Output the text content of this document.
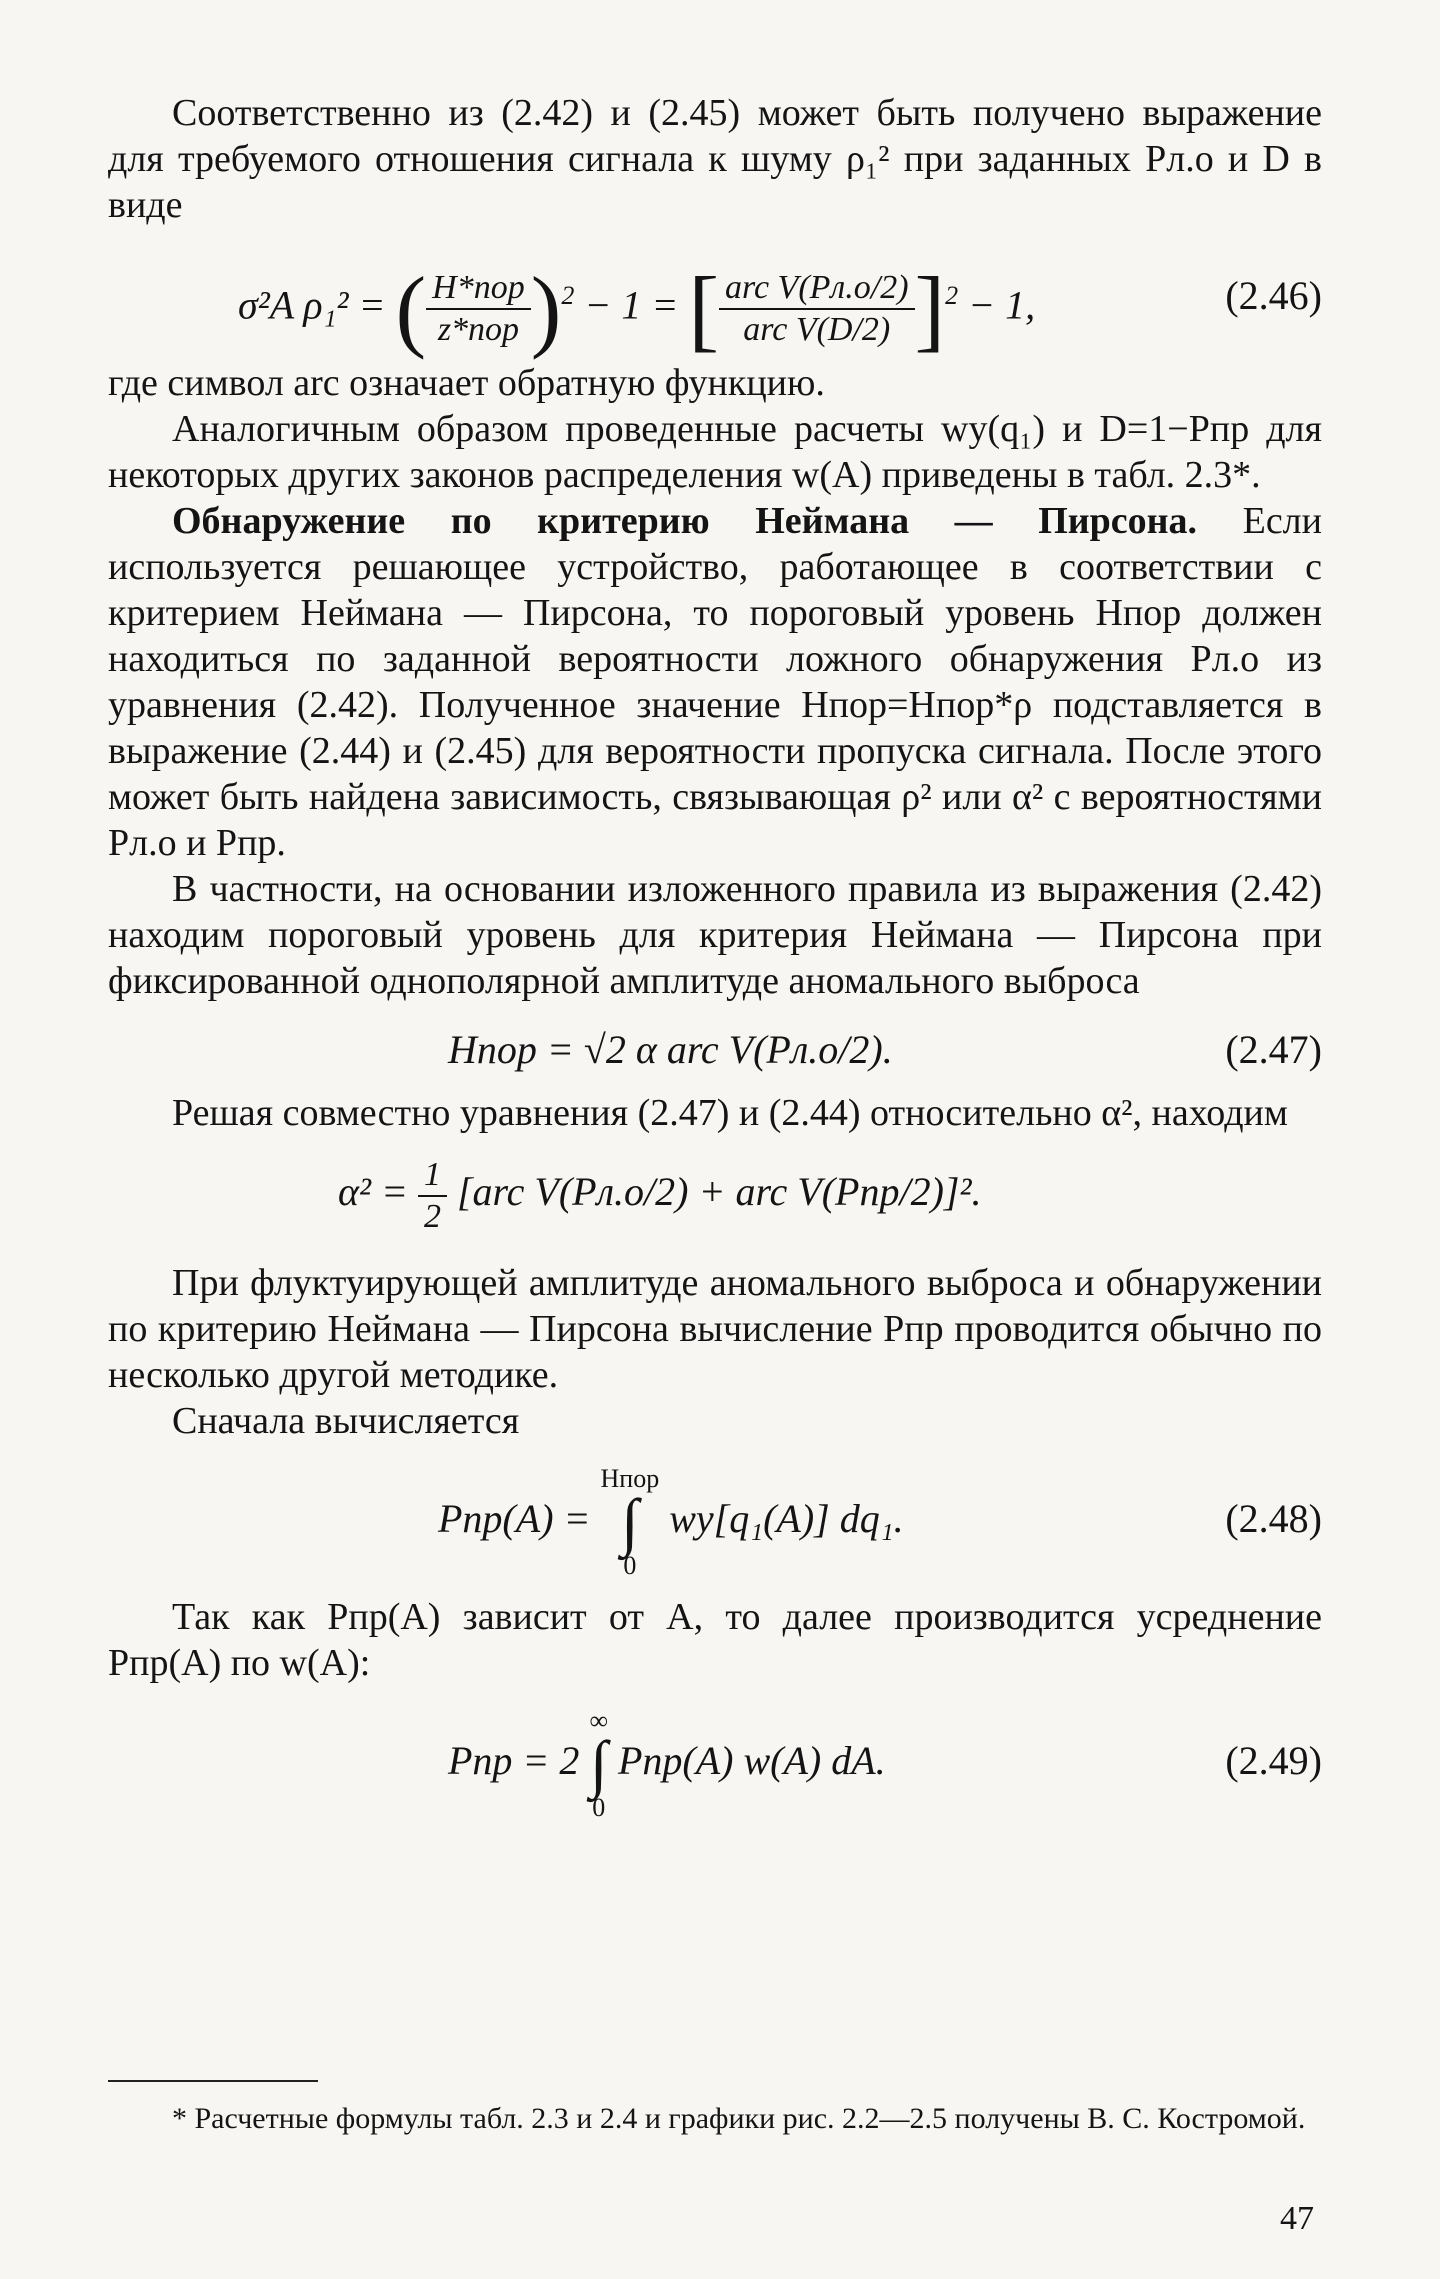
Соответственно из (2.42) и (2.45) может быть получено выражение для требуемого отношения сигнала к шуму ρ₁² при заданных Pл.о и D в виде

σ²A ρ₁² = ( $\frac{\text{H*пор}}{\text{z*пор}} )^2 - 1$ = [ $\frac{\text{arc V(Pл.о/2)}}{\text{arc V(D/2)}} ]^2 - 1$,	(2.46)

где символ arc означает обратную функцию.

Аналогичным образом проведенные расчеты wy(q₁) и D=1−Pпр для некоторых других законов распределения w(A) приведены в табл. 2.3*.

Обнаружение по критерию Неймана — Пирсона. Если используется решающее устройство, работающее в соответствии с критерием Неймана — Пирсона, то пороговый уровень Hпор должен находиться по заданной вероятности ложного обнаружения Pл.о из уравнения (2.42). Полученное значение Hпор=Hпор*ρ подставляется в выражение (2.44) и (2.45) для вероятности пропуска сигнала. После этого может быть найдена зависимость, связывающая ρ² или α² с вероятностями Pл.о и Pпр.

В частности, на основании изложенного правила из выражения (2.42) находим пороговый уровень для критерия Неймана — Пирсона при фиксированной однополярной амплитуде аномального выброса

Hпор = √2 α arc V(Pл.о/2).	(2.47)

Решая совместно уравнения (2.47) и (2.44) относительно α², находим

$\alpha^2 = \frac{1}{2} [arc$ V(Pл.о/2) + arc V(Pпр/2)]².

При флуктуирующей амплитуде аномального выброса и обнаружении по критерию Неймана — Пирсона вычисление Pпр проводится обычно по несколько другой методике.

Сначала вычисляется

Pпр(A) =
Hпор
∫
0
wy[q₁(A)] dq₁.	(2.48)

Так как Pпр(A) зависит от A, то далее производится усреднение Pпр(A) по w(A):

Pпр = 2
∞
∫
0
Pпр(A) w(A) dA.	(2.49)
* Расчетные формулы табл. 2.3 и 2.4 и графики рис. 2.2—2.5 получены В. С. Костромой.
47
